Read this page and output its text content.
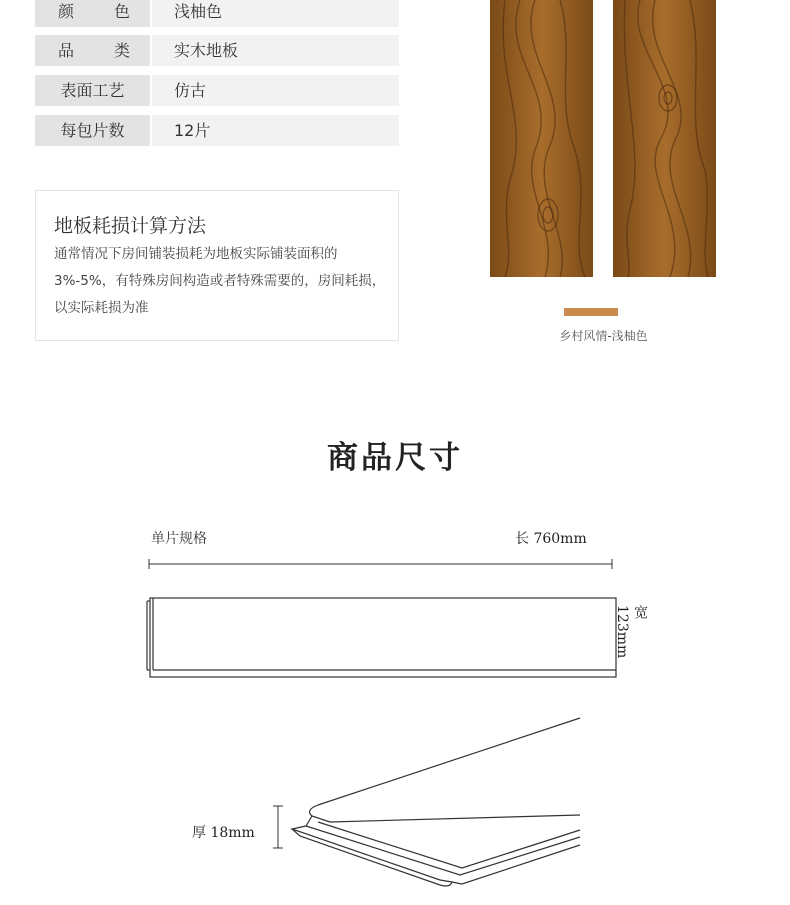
颜 色	浅柚色
品 类	实木地板
表面工艺	仿古
每包片数	12片
地板耗损计算方法
通常情况下房间铺装损耗为地板实际铺装面积的3%-5%，有特殊房间构造或者特殊需要的，房间耗损，以实际耗损为准
乡村风情-浅柚色
商品尺寸
单片规格	长 760mm
宽123mm
厚 18mm
